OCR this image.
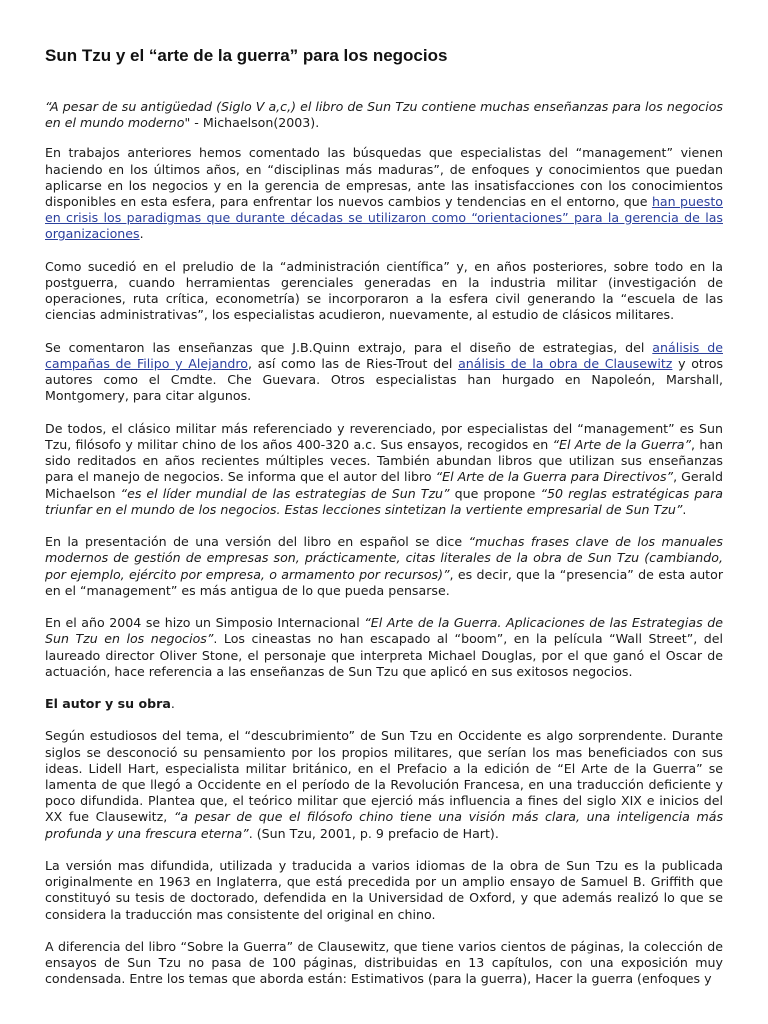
Sun Tzu y el “arte de la guerra” para los negocios

“A pesar de su antigüedad (Siglo V a,c,) el libro de Sun Tzu contiene muchas enseñanzas para los negocios en el mundo moderno" - Michaelson(2003).

En trabajos anteriores hemos comentado las búsquedas que especialistas del “management” vienen haciendo en los últimos años, en “disciplinas más maduras”, de enfoques y conocimientos que puedan aplicarse en los negocios y en la gerencia de empresas, ante las insatisfacciones con los conocimientos disponibles en esta esfera, para enfrentar los nuevos cambios y tendencias en el entorno, que han puesto en crisis los paradigmas que durante décadas se utilizaron como “orientaciones” para la gerencia de las organizaciones.

Como sucedió en el preludio de la “administración científica” y, en años posteriores, sobre todo en la postguerra, cuando herramientas gerenciales generadas en la industria militar (investigación de operaciones, ruta crítica, econometría) se incorporaron a la esfera civil generando la “escuela de las ciencias administrativas”, los especialistas acudieron, nuevamente, al estudio de clásicos militares.

Se comentaron las enseñanzas que J.B.Quinn extrajo, para el diseño de estrategias, del análisis de campañas de Filipo y Alejandro, así como las de Ries-Trout del análisis de la obra de Clausewitz y otros autores como el Cmdte. Che Guevara. Otros especialistas han hurgado en Napoleón, Marshall, Montgomery, para citar algunos.

De todos, el clásico militar más referenciado y reverenciado, por especialistas del “management” es Sun Tzu, filósofo y militar chino de los años 400-320 a.c. Sus ensayos, recogidos en “El Arte de la Guerra”, han sido reditados en años recientes múltiples veces. También abundan libros que utilizan sus enseñanzas para el manejo de negocios. Se informa que el autor del libro “El Arte de la Guerra para Directivos”, Gerald Michaelson “es el líder mundial de las estrategias de Sun Tzu” que propone “50 reglas estratégicas para triunfar en el mundo de los negocios. Estas lecciones sintetizan la vertiente empresarial de Sun Tzu”.

En la presentación de una versión del libro en español se dice “muchas frases clave de los manuales modernos de gestión de empresas son, prácticamente, citas literales de la obra de Sun Tzu (cambiando, por ejemplo, ejército por empresa, o armamento por recursos)”, es decir, que la “presencia” de esta autor en el “management” es más antigua de lo que pueda pensarse.

En el año 2004 se hizo un Simposio Internacional “El Arte de la Guerra. Aplicaciones de las Estrategias de Sun Tzu en los negocios”. Los cineastas no han escapado al “boom”, en la película “Wall Street”, del laureado director Oliver Stone, el personaje que interpreta Michael Douglas, por el que ganó el Oscar de actuación, hace referencia a las enseñanzas de Sun Tzu que aplicó en sus exitosos negocios.

El autor y su obra.

Según estudiosos del tema, el “descubrimiento” de Sun Tzu en Occidente es algo sorprendente. Durante siglos se desconoció su pensamiento por los propios militares, que serían los mas beneficiados con sus ideas. Lidell Hart, especialista militar británico, en el Prefacio a la edición de “El Arte de la Guerra” se lamenta de que llegó a Occidente en el período de la Revolución Francesa, en una traducción deficiente y poco difundida. Plantea que, el teórico militar que ejerció más influencia a fines del siglo XIX e inicios del XX fue Clausewitz, “a pesar de que el filósofo chino tiene una visión más clara, una inteligencia más profunda y una frescura eterna”. (Sun Tzu, 2001, p. 9 prefacio de Hart).

La versión mas difundida, utilizada y traducida a varios idiomas de la obra de Sun Tzu es la publicada originalmente en 1963 en Inglaterra, que está precedida por un amplio ensayo de Samuel B. Griffith que constituyó su tesis de doctorado, defendida en la Universidad de Oxford, y que además realizó lo que se considera la traducción mas consistente del original en chino.

A diferencia del libro “Sobre la Guerra” de Clausewitz, que tiene varios cientos de páginas, la colección de ensayos de Sun Tzu no pasa de 100 páginas, distribuidas en 13 capítulos, con una exposición muy condensada. Entre los temas que aborda están: Estimativos (para la guerra), Hacer la guerra (enfoques y
